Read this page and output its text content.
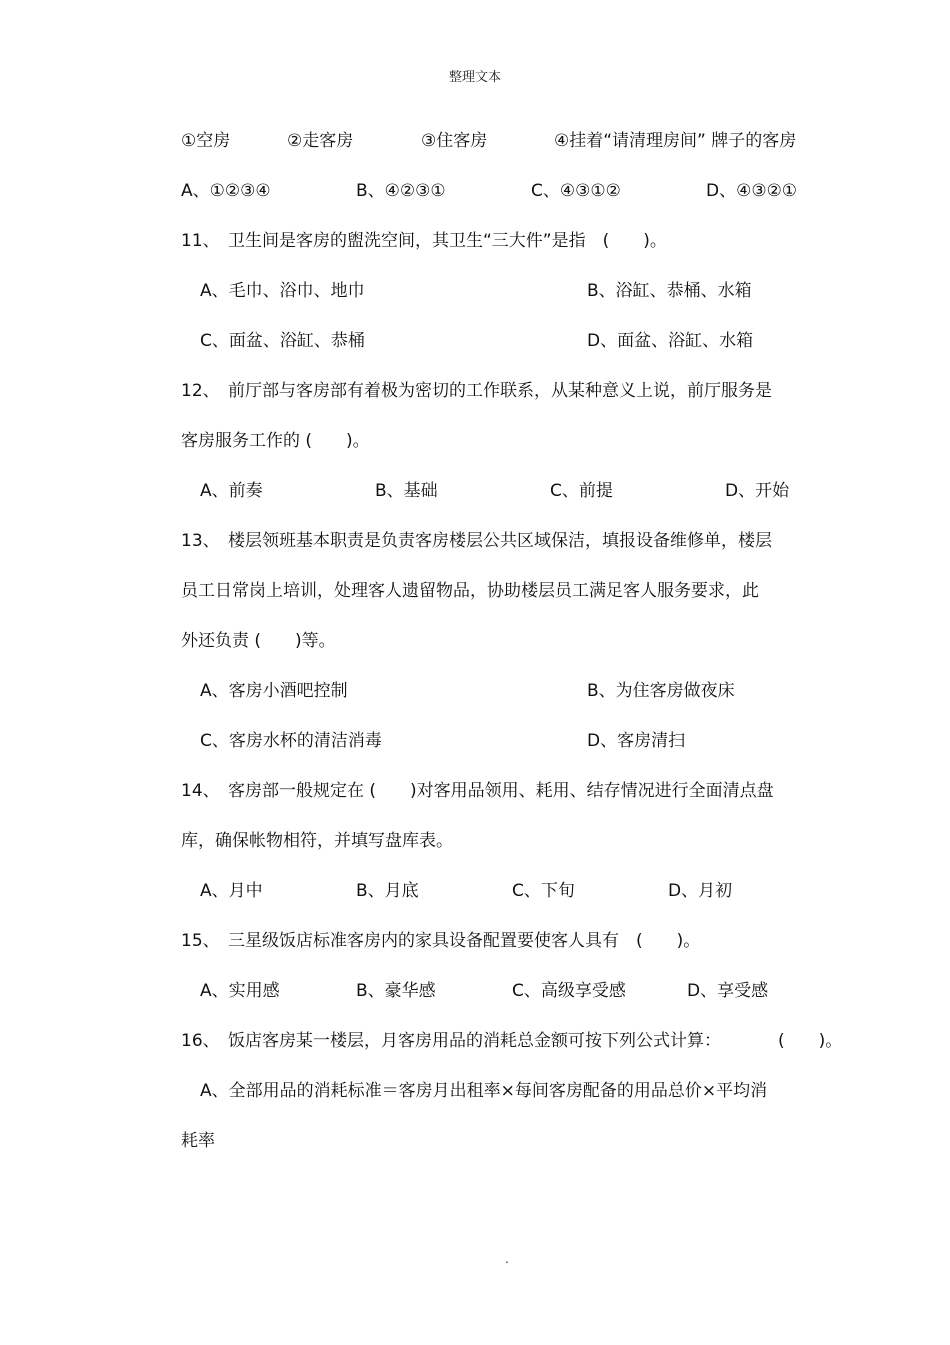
整理文本
①空房	②走客房	③住客房	④挂着“请清理房间” 牌子的客房
A、①②③④	B、④②③①	C、④③①②	D、④③②①
11、 卫生间是客房的盥洗空间，其卫生“三大件”是指　(　　)。
A、毛巾、浴巾、地巾	B、浴缸、恭桶、水箱
C、面盆、浴缸、恭桶	D、面盆、浴缸、水箱
12、 前厅部与客房部有着极为密切的工作联系，从某种意义上说，前厅服务是
客房服务工作的 (　　)。
A、前奏	B、基础	C、前提	D、开始
13、 楼层领班基本职责是负责客房楼层公共区域保洁，填报设备维修单，楼层
员工日常岗上培训，处理客人遗留物品，协助楼层员工满足客人服务要求，此
外还负责 (　　)等。
A、客房小酒吧控制	B、为住客房做夜床
C、客房水杯的清洁消毒	D、客房清扫
14、 客房部一般规定在 (　　)对客用品领用、耗用、结存情况进行全面清点盘
库，确保帐物相符，并填写盘库表。
A、月中	B、月底	C、下旬	D、月初
15、 三星级饭店标准客房内的家具设备配置要使客人具有　(　　)。
A、实用感	B、豪华感	C、高级享受感	D、享受感
16、 饭店客房某一楼层，月客房用品的消耗总金额可按下列公式计算：	(　　)。
A、全部用品的消耗标准＝客房月出租率×每间客房配备的用品总价×平均消
耗率
.
